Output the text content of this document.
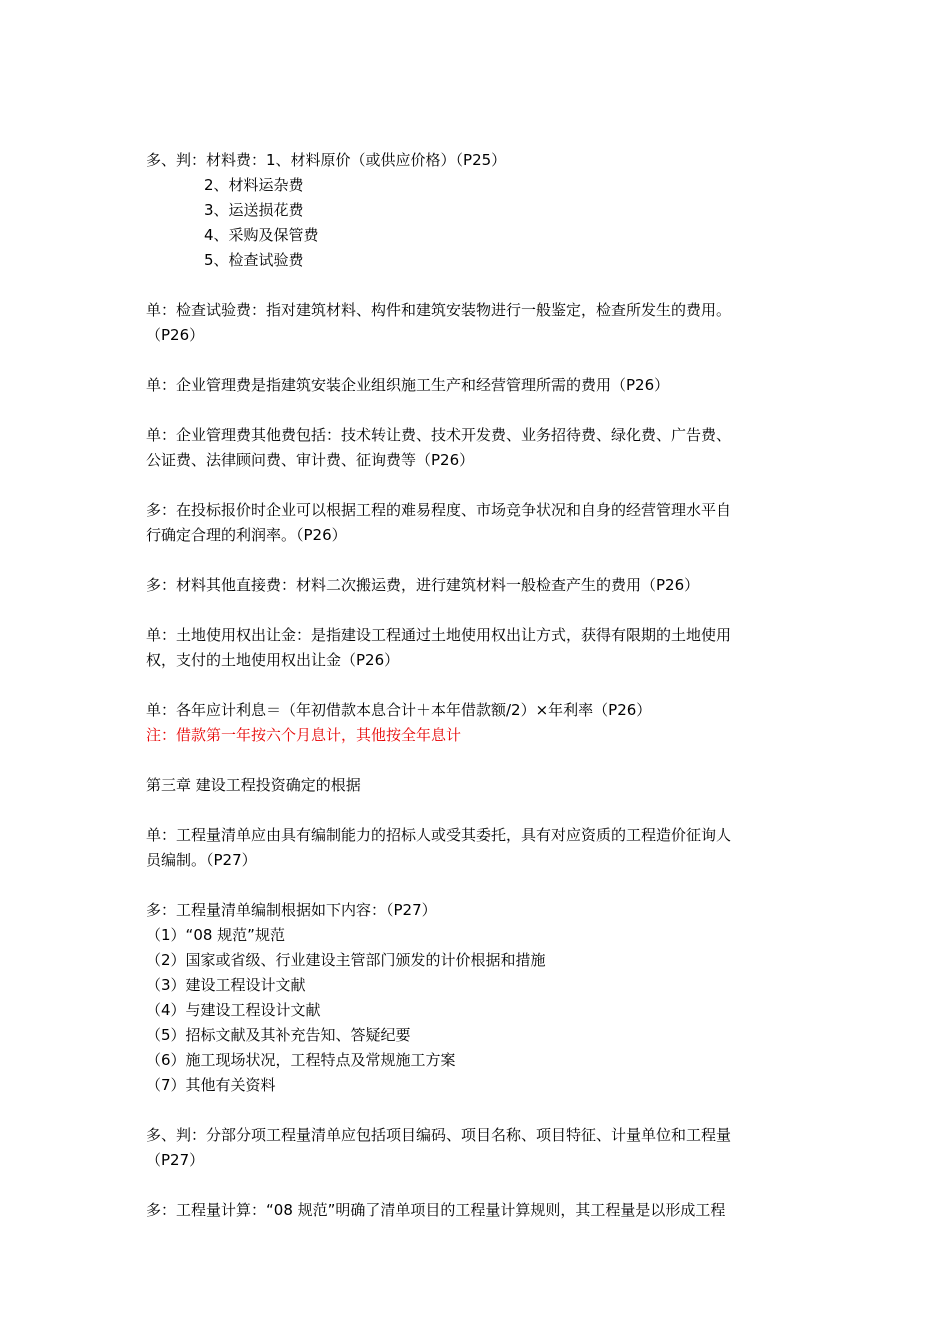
多、判：材料费：1、材料原价（或供应价格）（P25）
2、材料运杂费
3、运送损花费
4、采购及保管费
5、检查试验费
单：检查试验费：指对建筑材料、构件和建筑安装物进行一般鉴定，检查所发生的费用。
（P26）
单：企业管理费是指建筑安装企业组织施工生产和经营管理所需的费用（P26）
单：企业管理费其他费包括：技术转让费、技术开发费、业务招待费、绿化费、广告费、
公证费、法律顾问费、审计费、征询费等（P26）
多：在投标报价时企业可以根据工程的难易程度、市场竞争状况和自身的经营管理水平自
行确定合理的利润率。（P26）
多：材料其他直接费：材料二次搬运费，进行建筑材料一般检查产生的费用（P26）
单：土地使用权出让金：是指建设工程通过土地使用权出让方式，获得有限期的土地使用
权，支付的土地使用权出让金（P26）
单：各年应计利息＝（年初借款本息合计＋本年借款额/2）×年利率（P26）
注：借款第一年按六个月息计，其他按全年息计
第三章 建设工程投资确定的根据
单：工程量清单应由具有编制能力的招标人或受其委托，具有对应资质的工程造价征询人
员编制。（P27）
多：工程量清单编制根据如下内容：（P27）
（1）“08 规范”规范
（2）国家或省级、行业建设主管部门颁发的计价根据和措施
（3）建设工程设计文献
（4）与建设工程设计文献
（5）招标文献及其补充告知、答疑纪要
（6）施工现场状况，工程特点及常规施工方案
（7）其他有关资料
多、判：分部分项工程量清单应包括项目编码、项目名称、项目特征、计量单位和工程量
（P27）
多：工程量计算：“08 规范”明确了清单项目的工程量计算规则，其工程量是以形成工程
